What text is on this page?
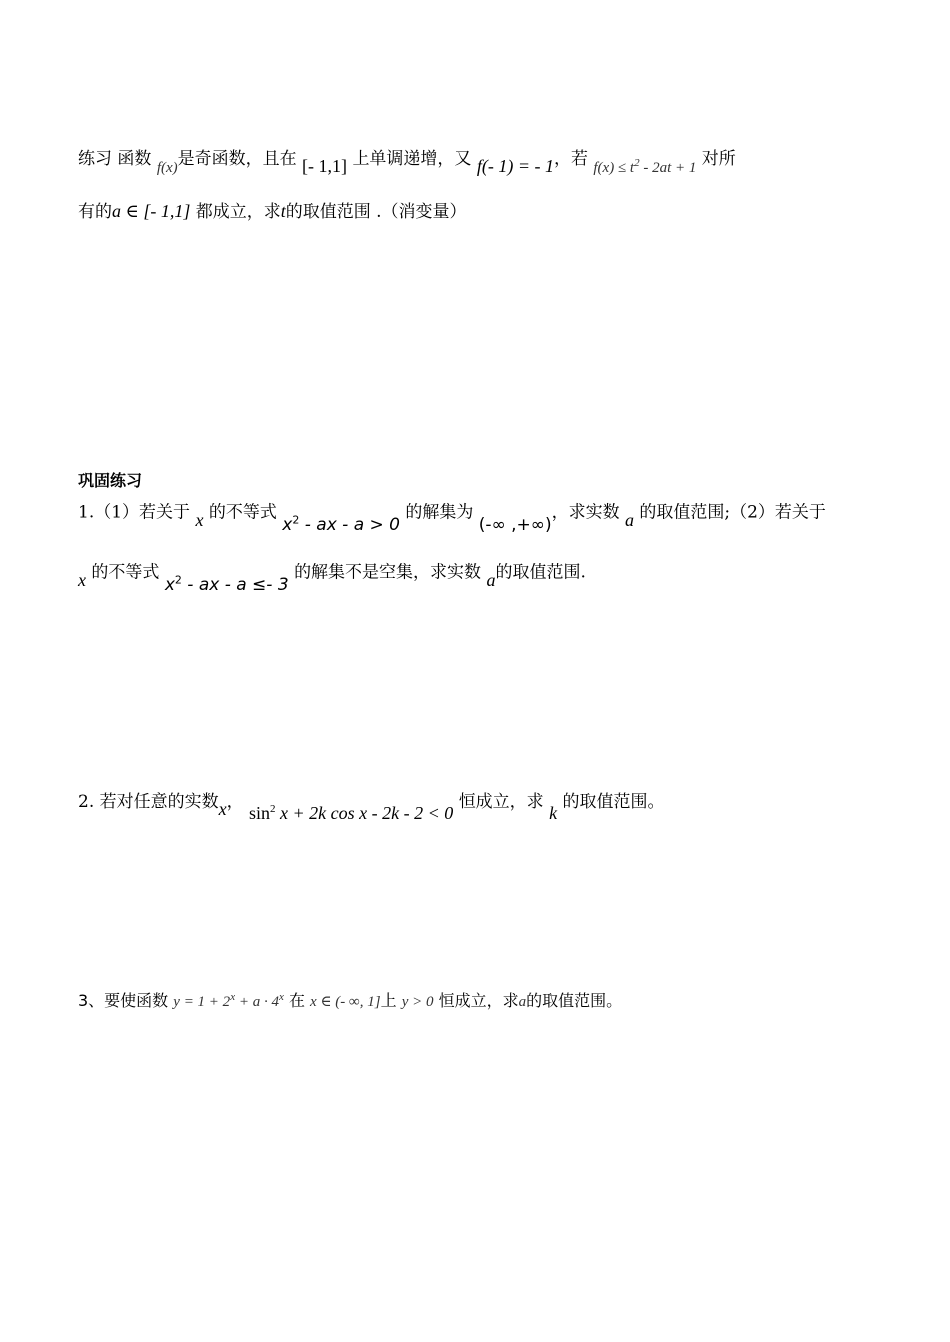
练习 函数 f(x)是奇函数，且在 [- 1,1] 上单调递增，又 f(- 1) = - 1，若 $f(x) \le t^2 - 2at + 1$ 对所
有的a ∈ [- 1,1] 都成立，求t的取值范围 .（消变量）
巩固练习
1.（1）若关于 x 的不等式 $x^2$ - ax - a > 0 的解集为 (-∞ ,+∞)，求实数 a 的取值范围;（2）若关于
x 的不等式 $x^2$ - ax - a ≤- 3 的解集不是空集，求实数 a的取值范围.
2. 若对任意的实数x， $\sin^2 x + 2k$ cos x - 2k - 2 < 0 恒成立，求 k 的取值范围。
3、要使函数 $y = 1 + 2^x + a \cdot 4^x$ 在 x ∈ (- ∞, 1]上 y > 0 恒成立，求a的取值范围。
